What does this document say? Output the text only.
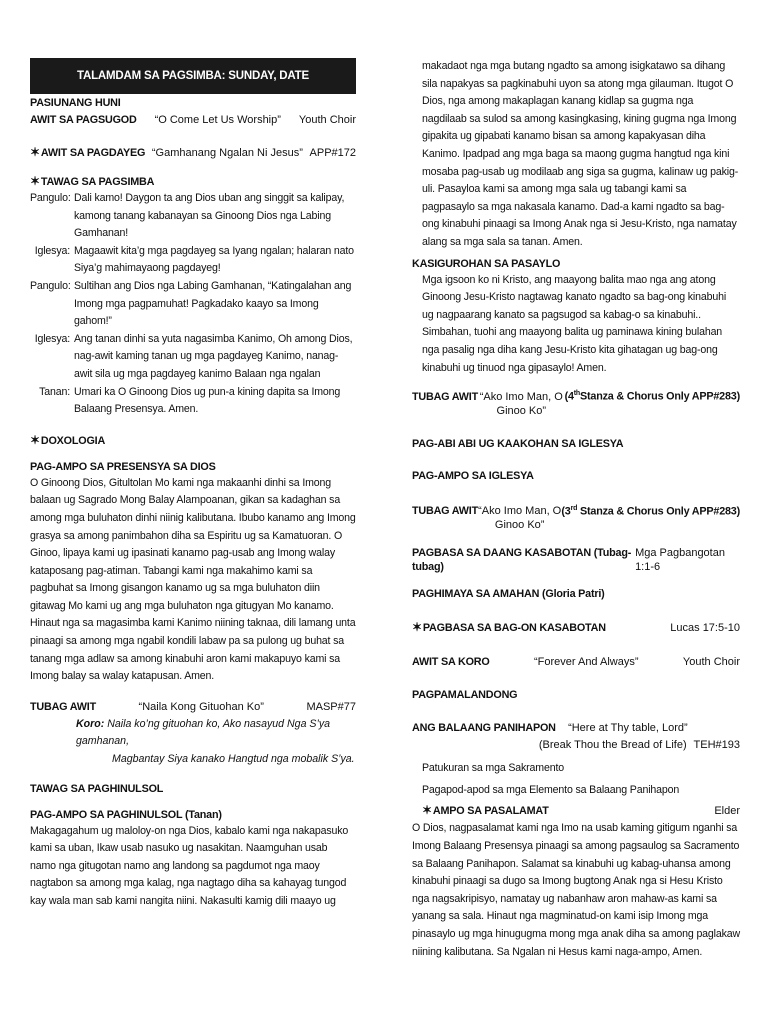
TALAMDAM SA PAGSIMBA: SUNDAY, DATE
PASIUNANG HUNI
AWIT SA PAGSUGOD	“O Come Let Us Worship”	Youth Choir
✶AWIT SA PAGDAYEG “Gamhanang Ngalan Ni Jesus” APP#172
✶TAWAG SA PAGSIMBA
Pangulo: Dali kamo! Daygon ta ang Dios uban ang singgit sa kalipay, kamong tanang kabanayan sa Ginoong Dios nga Labing Gamhanan!
Iglesya: Magaawit kita’g mga pagdayeg sa Iyang ngalan; halaran nato Siya’g mahimayaong pagdayeg!
Pangulo: Sultihan ang Dios nga Labing Gamhanan, “Katingalahan ang Imong mga pagpamuhat! Pagkadako kaayo sa Imong gahom!”
Iglesya: Ang tanan dinhi sa yuta nagasimba Kanimo, Oh among Dios, nag-awit kaming tanan ug mga pagdayeg Kanimo, nanag-awit sila ug mga pagdayeg kanimo Balaan nga ngalan
Tanan: Umari ka O Ginoong Dios ug pun-a kining dapita sa Imong Balaang Presensya. Amen.
✶DOXOLOGIA
PAG-AMPO SA PRESENSYA SA DIOS
O Ginoong Dios, Gitultolan Mo kami nga makaanhi dinhi sa Imong balaan ug Sagrado Mong Balay Alampoanan, gikan sa kadaghan sa among mga buluhaton dinhi niinig kalibutana. Ibubo kanamo ang Imong grasya sa among panimbahon diha sa Espiritu ug sa Kamatuoran. O Ginoo, lipaya kami ug ipasinati kanamo pag-usab ang Imong walay kataposang pag-atiman. Tabangi kami nga makahimo kami sa pagbuhat sa Imong gisangon kanamo ug sa mga buluhaton diin gitawag Mo kami ug ang mga buluhaton nga gitugyan Mo kanamo. Hinaut nga sa magasimba kami Kanimo niining taknaa, dili lamang unta pinaagi sa among mga ngabil kondili labaw pa sa pulong ug buhat sa tanang mga adlaw sa among kinabuhi aron kami makapuyo kami sa Imong balay sa walay katapusan. Amen.
TUBAG AWIT	“Naila Kong Gituohan Ko”	MASP#77
Koro: Naila ko’ng gituohan ko, Ako nasayud Nga S’ya gamhanan,
Magbantay Siya kanako Hangtud nga mobalik S’ya.
TAWAG SA PAGHINULSOL
PAG-AMPO SA PAGHINULSOL (Tanan)
Makagagahum ug maloloy-on nga Dios, kabalo kami nga nakapasuko kami sa uban, Ikaw usab nasuko ug nasakitan. Naamguhan usab namo nga gitugotan namo ang landong sa pagdumot nga maoy nagtabon sa among mga kalag, nga nagtago diha sa kahayag tungod kay wala man sab kami nangita niini. Nakasulti kamig dili maayo ug
makadaot nga mga butang ngadto sa among isigkatawo sa dihang sila napakyas sa pagkinabuhi uyon sa atong mga gilauman. Itugot O Dios, nga among makaplagan kanang kidlap sa gugma nga nagdilaab sa sulod sa among kasingkasing, kining gugma nga Imong gipakita ug gipabati kanamo bisan sa among kapakyasan diha Kanimo. Ipadpad ang mga baga sa maong gugma hangtud nga kini mosaba pag-usab ug modilaab ang siga sa gugma, kalinaw ug pakig-uli. Pasayloa kami sa among mga sala ug tabangi kami sa pagpasaylo sa mga nakasala kanamo. Dad-a kami ngadto sa bag-ong kinabuhi pinaagi sa Imong Anak nga si Jesu-Kristo, nga namatay alang sa mga sala sa tanan. Amen.
KASIGUROHAN SA PASAYLO
Mga igsoon ko ni Kristo, ang maayong balita mao nga ang atong Ginoong Jesu-Kristo nagtawag kanato ngadto sa bag-ong kinabuhi ug nagpaarang kanato sa pagsugod sa kabag-o sa kinabuhi.. Simbahan, tuohi ang maayong balita ug paminawa kining bulahan nga pasalig nga diha kang Jesu-Kristo kita gihatagan ug bag-ong kinabuhi ug tinuod nga gipasaylo! Amen.
TUBAG AWIT “Ako Imo Man, O Ginoo Ko”
(4thStanza & Chorus Only APP#283)
PAG-ABI ABI UG KAAKOHAN SA IGLESYA
PAG-AMPO SA IGLESYA
TUBAG AWIT “Ako Imo Man, O Ginoo Ko”
(3rd Stanza & Chorus Only APP#283)
PAGBASA SA DAANG KASABOTAN (Tubag-tubag)
Mga Pagbangotan 1:1-6
PAGHIMAYA SA AMAHAN (Gloria Patri)
✶PAGBASA SA BAG-ON KASABOTAN	Lucas 17:5-10
AWIT SA KORO	“Forever And Always”	Youth Choir
PAGPAMALANDONG
ANG BALAANG PANIHAPON	“Here at Thy table, Lord”
(Break Thou the Bread of Life) TEH#193
Patukuran sa mga Sakramento
Pagapod-apod sa mga Elemento sa Balaang Panihapon
✶AMPO SA PASALAMAT	Elder
O Dios, nagpasalamat kami nga Imo na usab kaming gitigum nganhi sa Imong Balaang Presensya pinaagi sa among pagsaulog sa Sacramento sa Balaang Panihapon. Salamat sa kinabuhi ug kabag-uhansa among kinabuhi pinaagi sa dugo sa Imong bugtong Anak nga si Hesu Kristo nga nagsakripisyo, namatay ug nabanhaw aron mahaw-as kami sa yanang sa sala. Hinaut nga magminatud-on kami isip Imong mga pinasaylo ug mga hinugugma mong mga anak diha sa among paglakaw niining kalibutana. Sa Ngalan ni Hesus kami naga-ampo, Amen.
